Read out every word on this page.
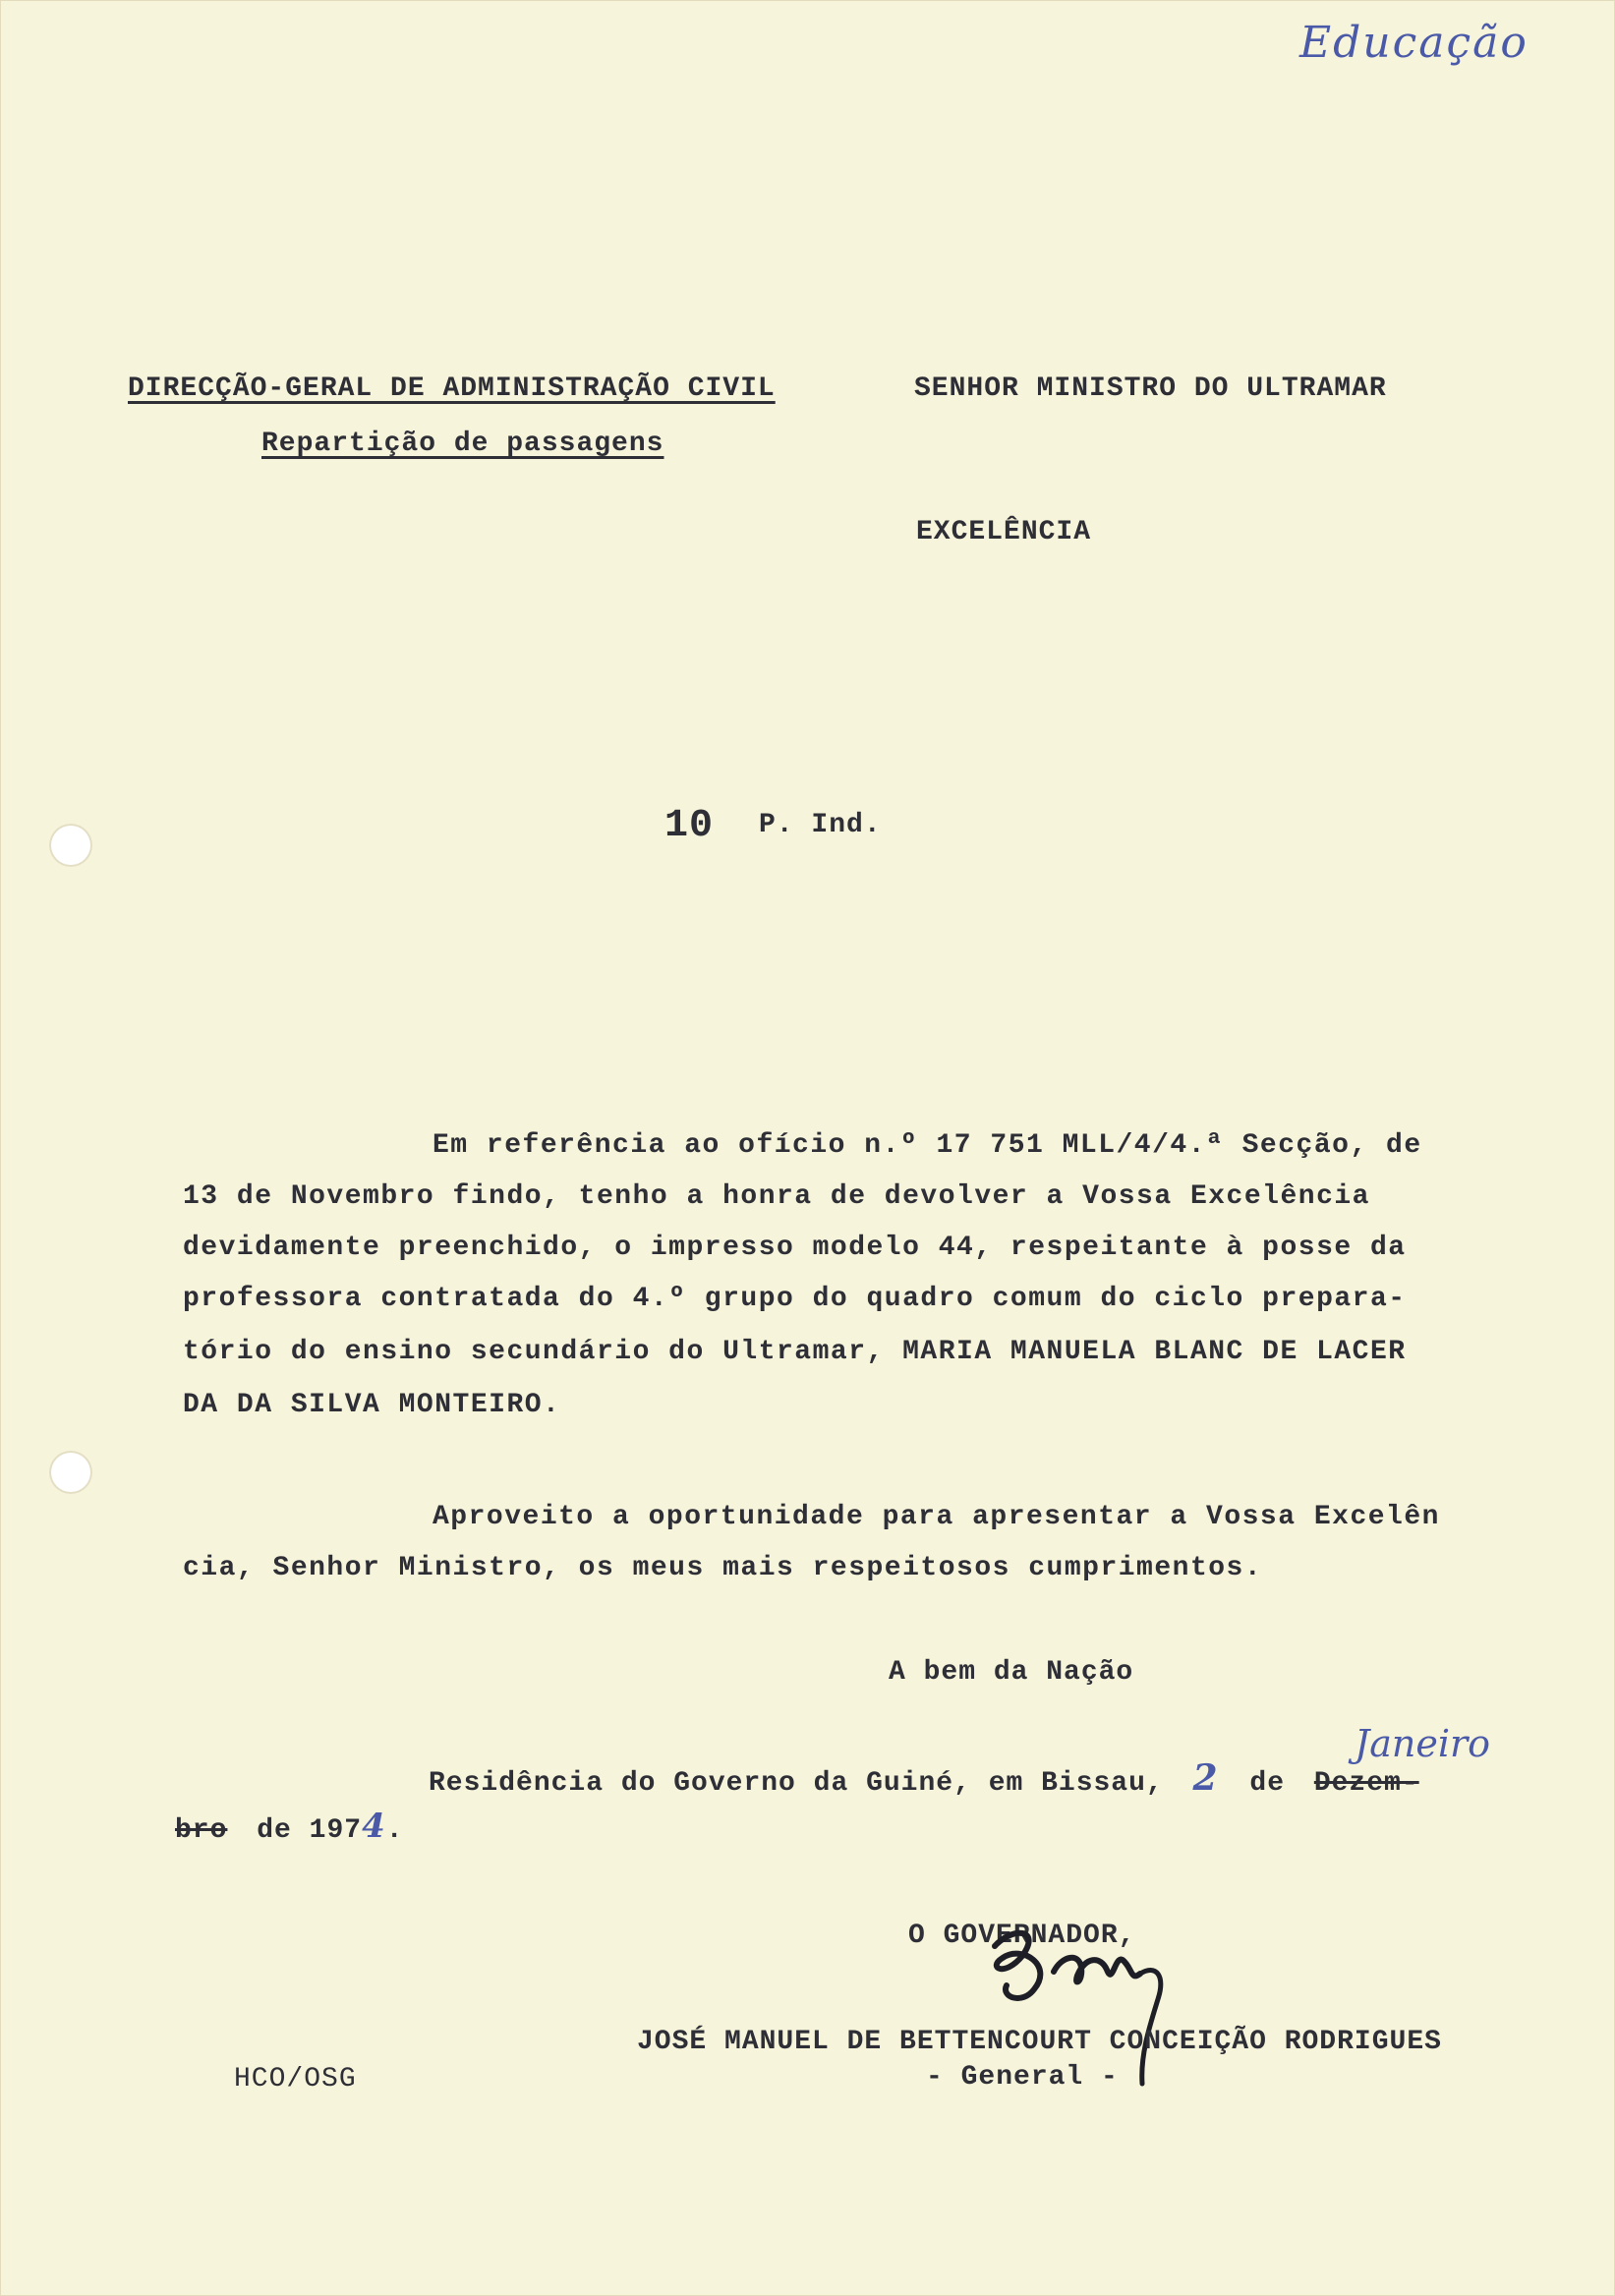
Educação
DIRECÇÃO-GERAL DE ADMINISTRAÇÃO CIVIL
Repartição de passagens
SENHOR MINISTRO DO ULTRAMAR
EXCELÊNCIA
10 P. Ind.
Em referência ao ofício n.º 17 751 MLL/4/4.ª Secção, de
13 de Novembro findo, tenho a honra de devolver a Vossa Excelência
devidamente preenchido, o impresso modelo 44, respeitante à posse da
professora contratada do 4.º grupo do quadro comum do ciclo prepara-
tório do ensino secundário do Ultramar, MARIA MANUELA BLANC DE LACER
DA DA SILVA MONTEIRO.
Aproveito a oportunidade para apresentar a Vossa Excelên
cia, Senhor Ministro, os meus mais respeitosos cumprimentos.
A bem da Nação
Residência do Governo da Guiné, em Bissau, 2 de Dezem-
Janeiro
bro de 1974.
O GOVERNADOR,
JOSÉ MANUEL DE BETTENCOURT CONCEIÇÃO RODRIGUES
- General -
HCO/OSG
